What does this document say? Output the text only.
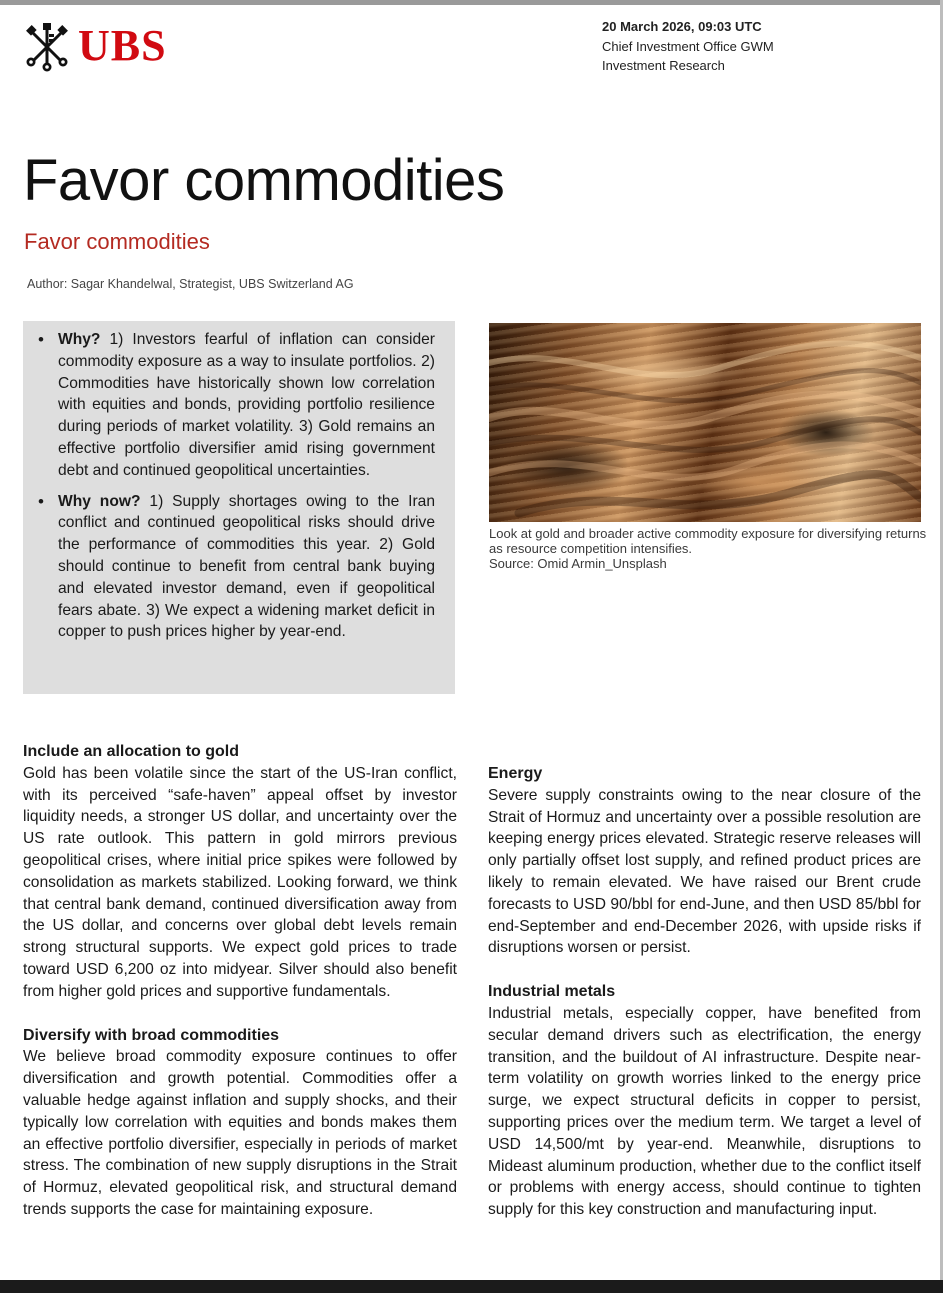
UBS	20 March 2026, 09:03 UTC
Chief Investment Office GWM
Investment Research
Favor commodities
Favor commodities
Author: Sagar Khandelwal, Strategist, UBS Switzerland AG
• Why? 1) Investors fearful of inflation can consider commodity exposure as a way to insulate portfolios. 2) Commodities have historically shown low correlation with equities and bonds, providing portfolio resilience during periods of market volatility. 3) Gold remains an effective portfolio diversifier amid rising government debt and continued geopolitical uncertainties.
• Why now? 1) Supply shortages owing to the Iran conflict and continued geopolitical risks should drive the performance of commodities this year. 2) Gold should continue to benefit from central bank buying and elevated investor demand, even if geopolitical fears abate. 3) We expect a widening market deficit in copper to push prices higher by year-end.
Look at gold and broader active commodity exposure for diversifying returns as resource competition intensifies.
Source: Omid Armin_Unsplash
Include an allocation to gold

Gold has been volatile since the start of the US-Iran conflict, with its perceived “safe-haven” appeal offset by investor liquidity needs, a stronger US dollar, and uncertainty over the US rate outlook. This pattern in gold mirrors previous geopolitical crises, where initial price spikes were followed by consolidation as markets stabilized. Looking forward, we think that central bank demand, continued diversification away from the US dollar, and concerns over global debt levels remain strong structural supports. We expect gold prices to trade toward USD 6,200 oz into midyear. Silver should also benefit from higher gold prices and supportive fundamentals.

Diversify with broad commodities

We believe broad commodity exposure continues to offer diversification and growth potential. Commodities offer a valuable hedge against inflation and supply shocks, and their typically low correlation with equities and bonds makes them an effective portfolio diversifier, especially in periods of market stress. The combination of new supply disruptions in the Strait of Hormuz, elevated geopolitical risk, and structural demand trends supports the case for maintaining exposure.

Energy

Severe supply constraints owing to the near closure of the Strait of Hormuz and uncertainty over a possible resolution are keeping energy prices elevated. Strategic reserve releases will only partially offset lost supply, and refined product prices are likely to remain elevated. We have raised our Brent crude forecasts to USD 90/bbl for end-June, and then USD 85/bbl for end-September and end-December 2026, with upside risks if disruptions worsen or persist.

Industrial metals

Industrial metals, especially copper, have benefited from secular demand drivers such as electrification, the energy transition, and the buildout of AI infrastructure. Despite near-term volatility on growth worries linked to the energy price surge, we expect structural deficits in copper to persist, supporting prices over the medium term. We target a level of USD 14,500/mt by year-end. Meanwhile, disruptions to Mideast aluminum production, whether due to the conflict itself or problems with energy access, should continue to tighten supply for this key construction and manufacturing input.
